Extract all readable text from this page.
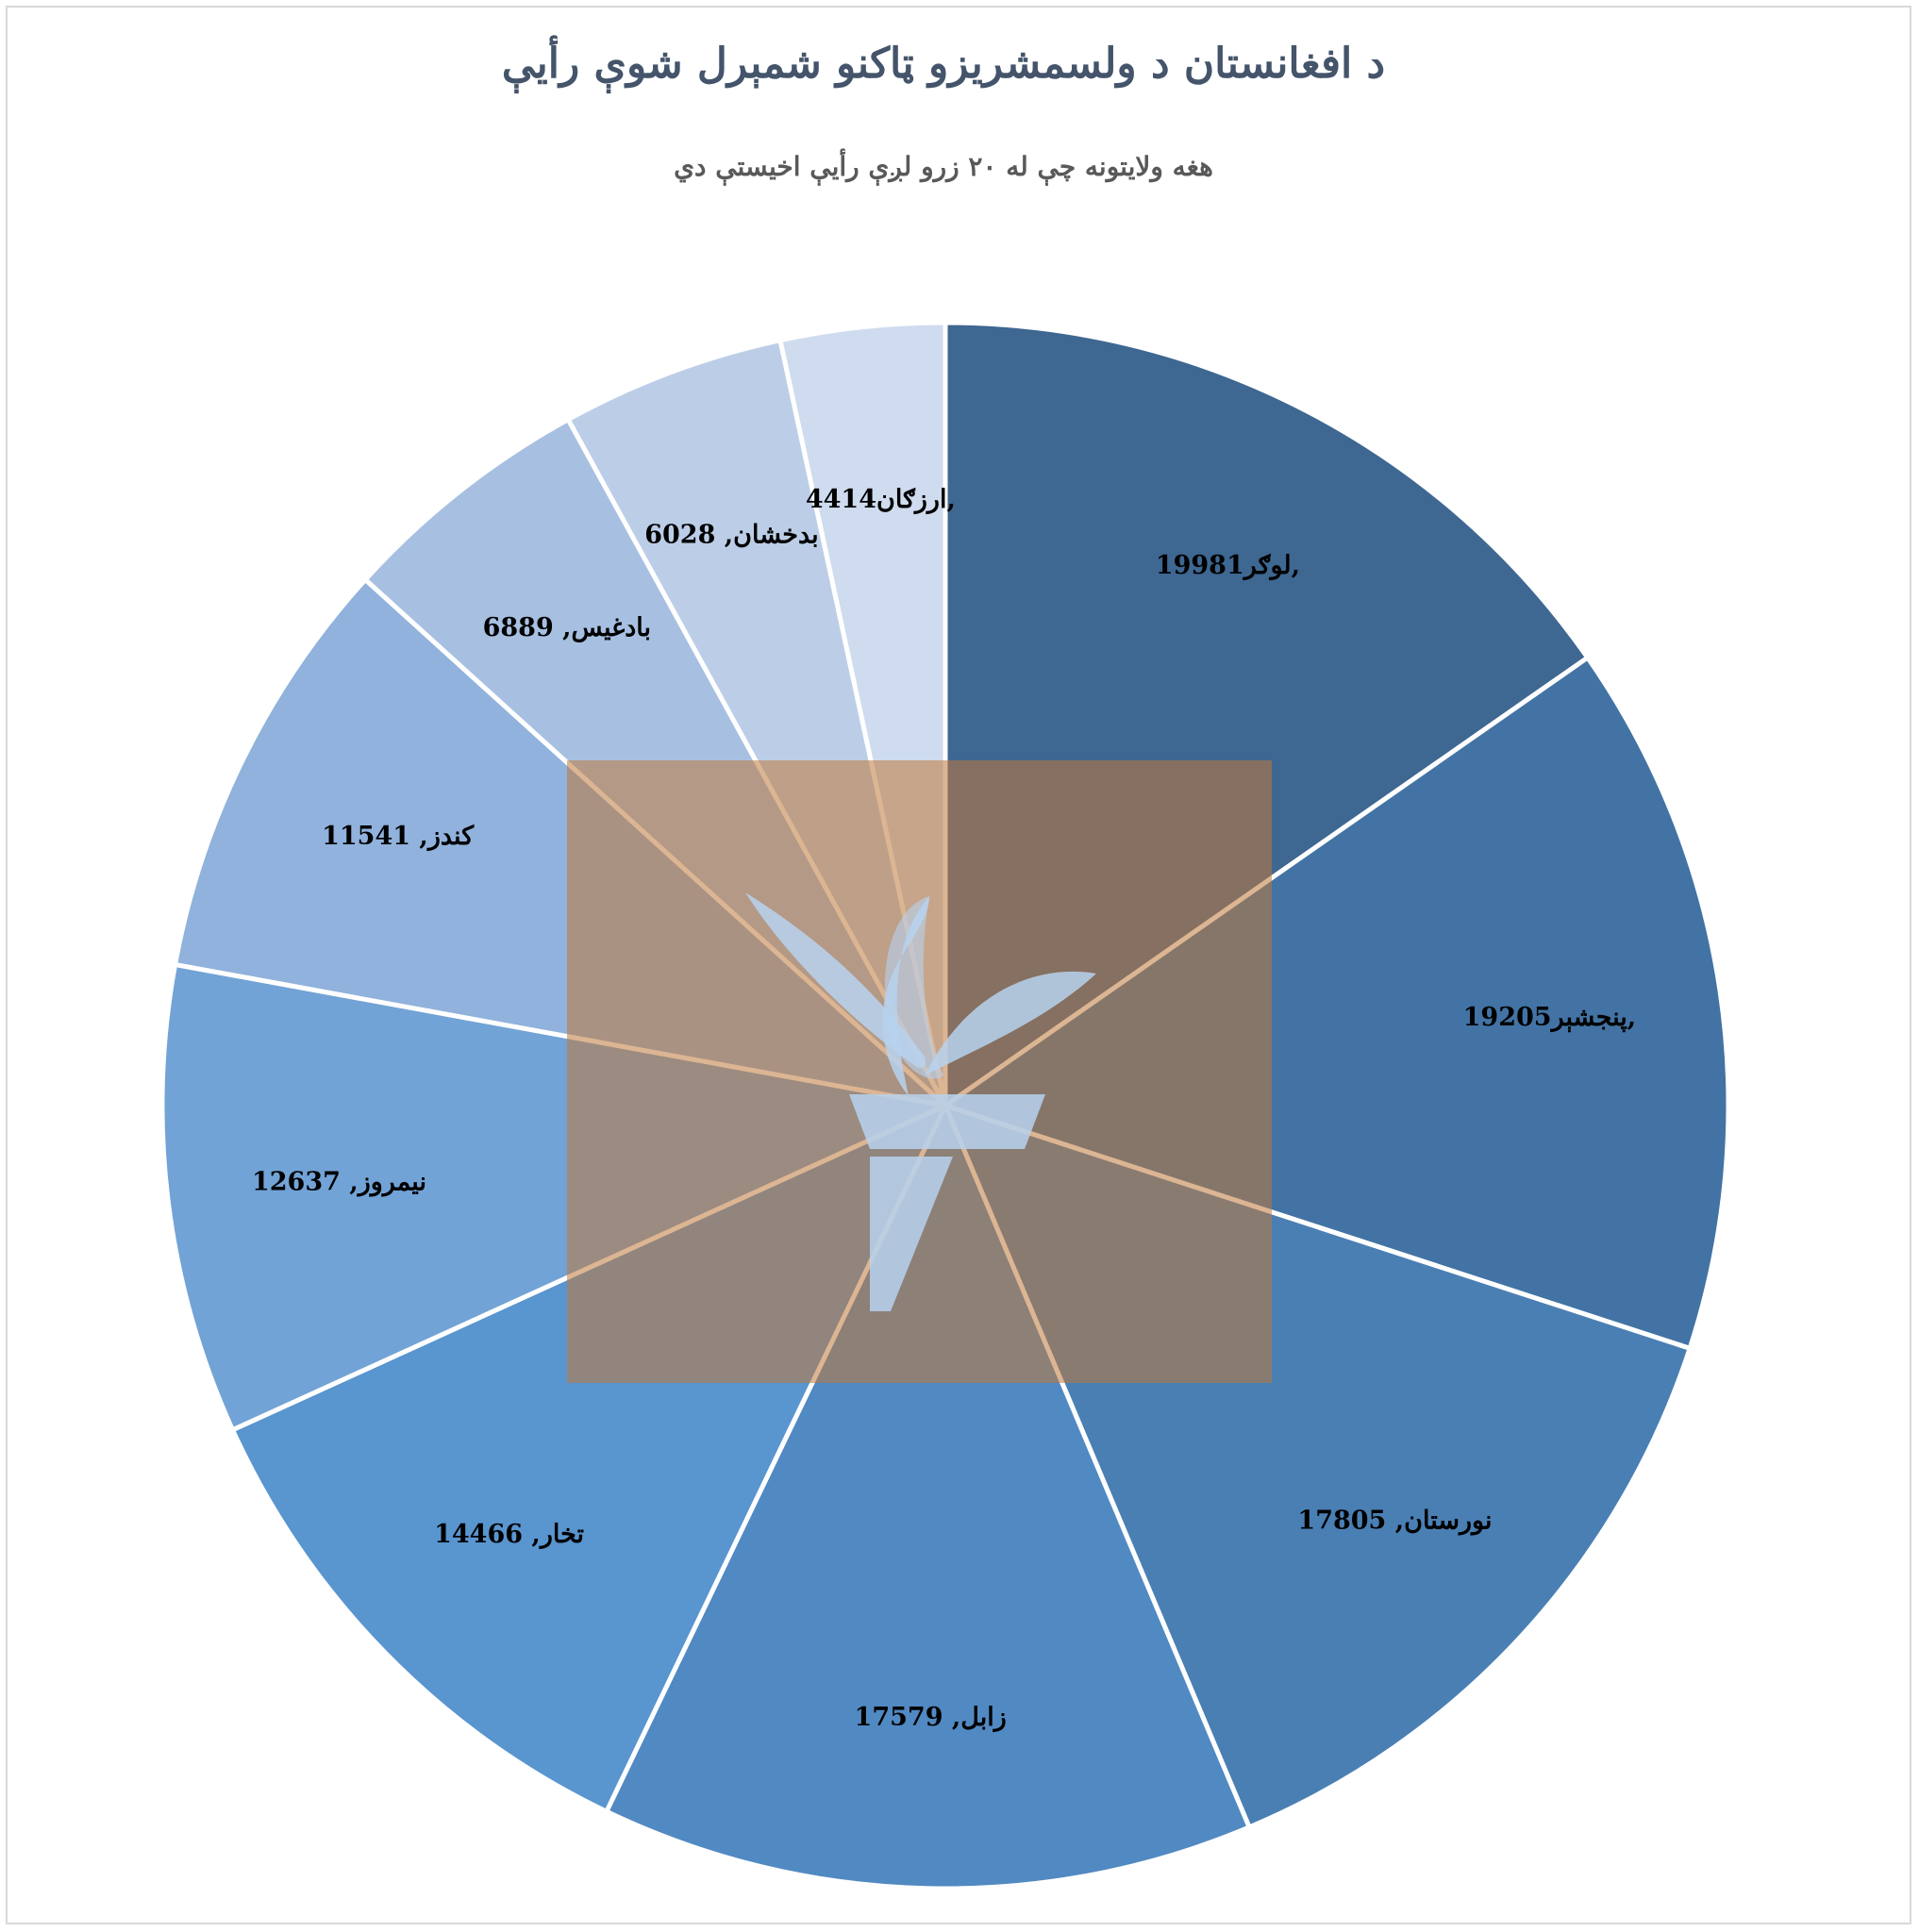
د افغانستان د ولسمشریزو ټاکنو شمېرل شوې رأیې
هغه ولایتونه چې له ۲۰ زرو لږې رأیې اخیستې دي
19981لوګر,
19205پنجشېر,
نورستان, 17805
زابل, 17579
تخار, 14466
نیمروز, 12637
کندز, 11541
بادغیس, 6889
بدخشان, 6028
4414ارزګان,
